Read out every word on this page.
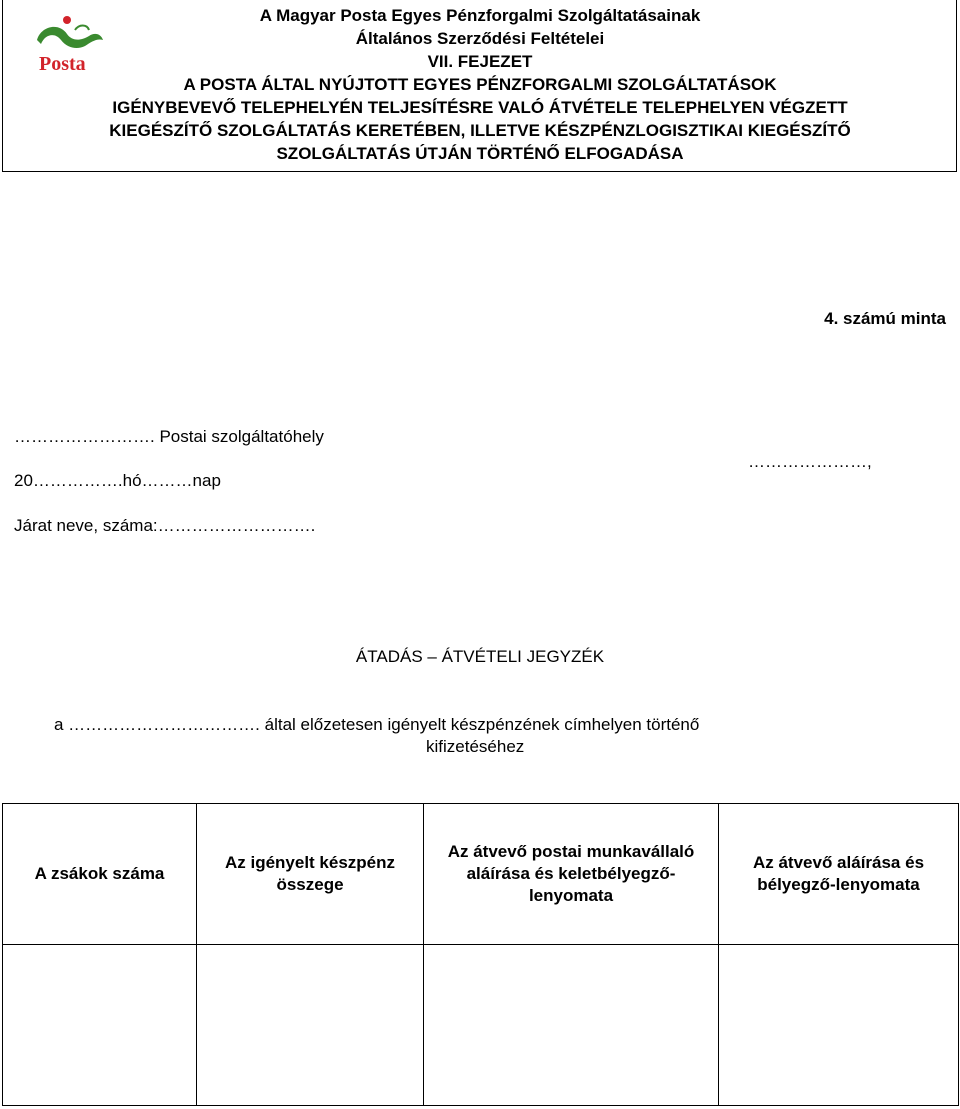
Posta
A Magyar Posta Egyes Pénzforgalmi Szolgáltatásainak
Általános Szerződési Feltételei
VII. FEJEZET
A POSTA ÁLTAL NYÚJTOTT EGYES PÉNZFORGALMI SZOLGÁLTATÁSOK
IGÉNYBEVEVŐ TELEPHELYÉN TELJESÍTÉSRE VALÓ ÁTVÉTELE TELEPHELYEN VÉGZETT
KIEGÉSZÍTŐ SZOLGÁLTATÁS KERETÉBEN, ILLETVE KÉSZPÉNZLOGISZTIKAI KIEGÉSZÍTŐ
SZOLGÁLTATÁS ÚTJÁN TÖRTÉNŐ ELFOGADÁSA
4. számú minta
……………………. Postai szolgáltatóhely
20…………….hó………nap
…………………,
Járat neve, száma:……………………….
ÁTADÁS – ÁTVÉTELI JEGYZÉK
a ……………………………. által előzetesen igényelt készpénzének címhelyen történő
kifizetéséhez
A zsákok száma	Az igényelt készpénz összege	Az átvevő postai munkavállaló aláírása és keletbélyegző-lenyomata	Az átvevő aláírása és bélyegző-lenyomata
